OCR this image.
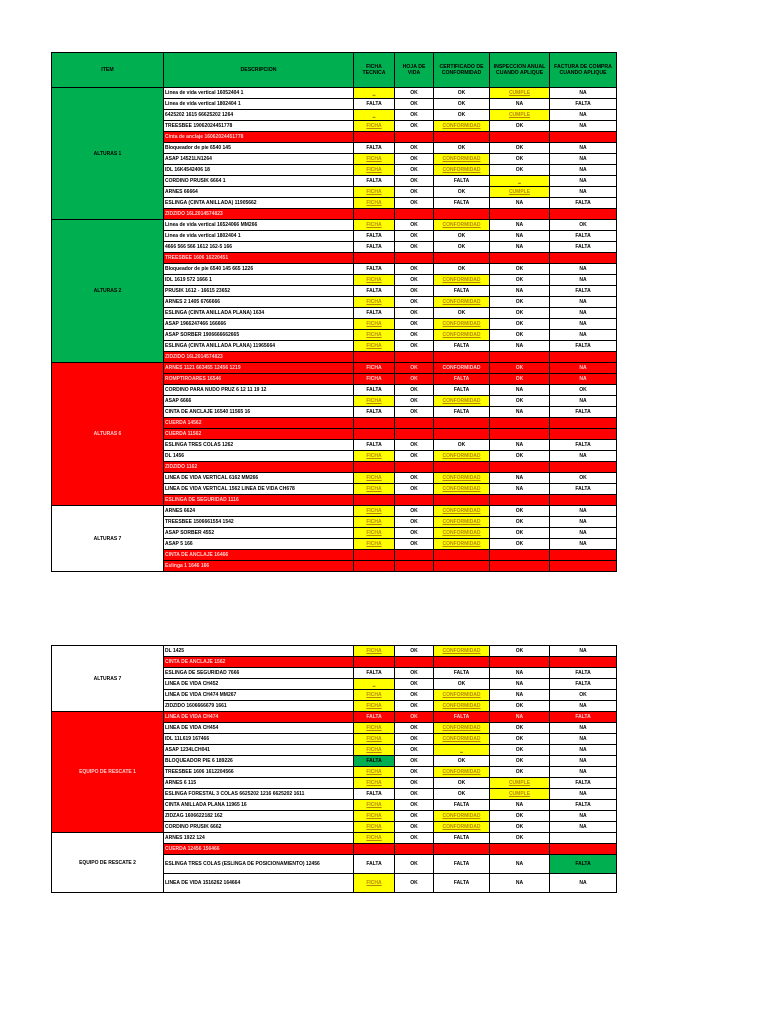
ITEM	DESCRIPCION	FICHA TECNICA	HOJA DE VIDA	CERTIFICADO DE CONFORMIDAD	INSPECCION ANUAL CUANDO APLIQUE	FACTURA DE COMPRA CUANDO APLIQUE
ALTURAS 1	Linea de vida vertical 16052404 1	_	OK	OK	CUMPLE	NA
	Linea de vida vertical 1802404 1	FALTA	OK	OK	NA	FALTA
	6425202 1615 66625202 1264	_	OK	OK	CUMPLE	NA
	TREESBEE 19062024451778	FICHA	OK	CONFORMIDAD	OK	NA
	Cinta de anclaje 16062024451778					
	Bloqueador de pie 6540 145	FALTA	OK	OK	OK	NA
	ASAP 14521LN1264	FICHA	OK	CONFORMIDAD	OK	NA
	IDL 16K4542406 18	FICHA	OK	CONFORMIDAD	OK	NA
	CORDINO PRUSIK 6664 1	FALTA	OK	FALTA	_	NA
	ARNES 66664	FICHA	OK	OK	CUMPLE	NA
	ESLINGA (CINTA ANILLADA) 11905662	FICHA	OK	FALTA	NA	FALTA
	ZIDZIDO 16L2014574823					
ALTURAS 2	Linea de vida vertical 16524066 MM266	FICHA	OK	CONFORMIDAD	NA	OK
	Linea de vida vertical 1802404 1	FALTA	OK	OK	NA	FALTA
	4666 566 566 1612 162-5 166	FALTA	OK	OK	NA	FALTA
	TREESBEE 1606 16220451					
	Bloqueador de pie 6540 145 665 1226	FALTA	OK	OK	OK	NA
	IDL 1619 572 1666 1	FICHA	OK	CONFORMIDAD	OK	NA
	PRUSIK 1612 - 16615 23652	FALTA	OK	FALTA	NA	FALTA
	ARNES 2 1405 6766666	FICHA	OK	CONFORMIDAD	OK	NA
	ESLINGA (CINTA ANILLADA PLANA) 1634	FALTA	OK	OK	OK	NA
	ASAP 1966247466 166666	FICHA	OK	CONFORMIDAD	OK	NA
	ASAP SORBER 1906666662665	FICHA	OK	CONFORMIDAD	OK	NA
	ESLINGA (CINTA ANILLADA PLANA) 11965664	FICHA	OK	FALTA	NA	FALTA
	ZIDZIDO 16L2014574823					
ALTURAS 6	ARNES 1121 663455 12456 1219	FICHA	OK	CONFORMIDAD	OK	NA
	ROMPTIROARES 16546	FICHA	OK	FALTA	OK	NA
	CORDINO PARA NUDO PRUZ 6 12 11 19 12	FALTA	OK	FALTA	NA	OK
	ASAP 6666	FICHA	OK	CONFORMIDAD	OK	NA
	CINTA DE ANCLAJE 16540 11565 16	FALTA	OK	FALTA	NA	FALTA
	CUERDA 14562					
	CUERDA 11562					
	ESLINGA TRES COLAS 1262	FALTA	OK	OK	NA	FALTA
	DL 1456	FICHA	OK	CONFORMIDAD	OK	NA
	ZIDZIDO 1162					
	LINEA DE VIDA VERTICAL 6162 MM266	FICHA	OK	CONFORMIDAD	NA	OK
	LINEA DE VIDA VERTICAL 1562 LINEA DE VIDA CH678	FICHA	OK	CONFORMIDAD	NA	FALTA
	ESLINGA DE SEGURIDAD 1116					
ALTURAS 7	ARNES 6624	FICHA	OK	CONFORMIDAD	OK	NA
	TREESBEE 1506661554 1542	FICHA	OK	CONFORMIDAD	OK	NA
	ASAP SORBER 4552	FICHA	OK	CONFORMIDAD	OK	NA
	ASAP 5 166	FICHA	OK	CONFORMIDAD	OK	NA
	CINTA DE ANCLAJE 16466					
	Eslinga 1 1646 166					
ALTURAS 7	DL 1425	FICHA	OK	CONFORMIDAD	OK	NA
	CINTA DE ANCLAJE 1562					
	ESLINGA DE SEGURIDAD 7666	FALTA	OK	FALTA	NA	FALTA
	LINEA DE VIDA CH452	_	OK	OK	NA	FALTA
	LINEA DE VIDA CH474 MM267	FICHA	OK	CONFORMIDAD	NA	OK
	ZIDZIDO 1606666679 1661	FICHA	OK	CONFORMIDAD	OK	NA
EQUIPO DE RESCATE 1	LINEA DE VIDA CH474	FALTA	OK	FALTA	NA	FALTA
	LINEA DE VIDA CH454	FICHA	OK	CONFORMIDAD	OK	NA
	IDL 11L619 167466	FICHA	OK	CONFORMIDAD	OK	NA
	ASAP 1234LCH041	FICHA	OK	_	OK	NA
	BLOQUEADOR PIE 6 189226	FALTA	OK	OK	OK	NA
	TREESBEE 1606 1612204566	FICHA	OK	CONFORMIDAD	OK	NA
	ARNES 6 115	FICHA	OK	OK	CUMPLE	FALTA
	ESLINGA FORESTAL 3 COLAS 6625202 1216 6625202 1611	FALTA	OK	OK	CUMPLE	NA
	CINTA ANILLADA PLANA 11965 16	FICHA	OK	FALTA	NA	FALTA
	ZIDZAG 1606622182 162	FICHA	OK	CONFORMIDAD	OK	NA
	CORDINO PRUSIK 6662	FICHA	OK	CONFORMIDAD	OK	NA
EQUIPO DE RESCATE 2	ARNES 1922 124	FICHA	OK	FALTA	OK	
	CUERDA 12456 156466					
	ESLINGA TRES COLAS (ESLINGA DE POSICIONAMIENTO) 12456	FALTA	OK	FALTA	NA	FALTA
	LINEA DE VIDA 1516262 164664	FICHA	OK	FALTA	NA	NA
